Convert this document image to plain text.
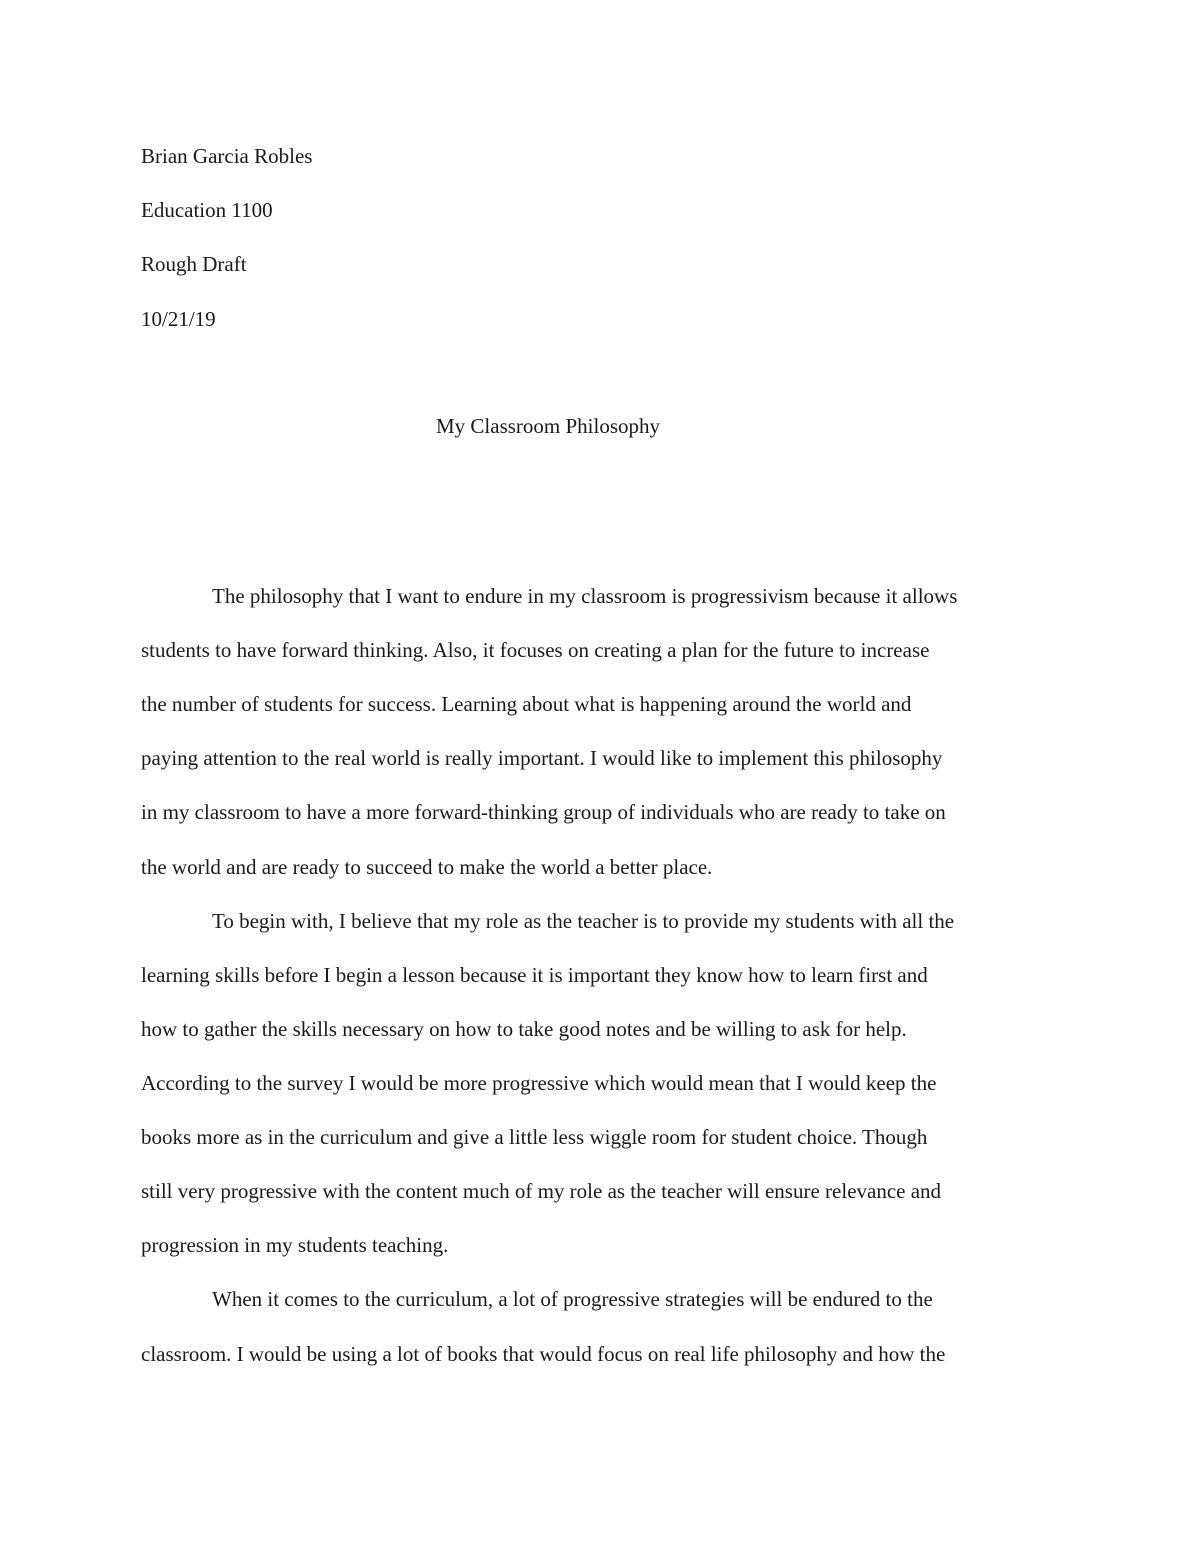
Brian Garcia Robles
Education 1100
Rough Draft
10/21/19
My Classroom Philosophy
The philosophy that I want to endure in my classroom is progressivism because it allows
students to have forward thinking. Also, it focuses on creating a plan for the future to increase
the number of students for success. Learning about what is happening around the world and
paying attention to the real world is really important. I would like to implement this philosophy
in my classroom to have a more forward-thinking group of individuals who are ready to take on
the world and are ready to succeed to make the world a better place.
To begin with, I believe that my role as the teacher is to provide my students with all the
learning skills before I begin a lesson because it is important they know how to learn first and
how to gather the skills necessary on how to take good notes and be willing to ask for help.
According to the survey I would be more progressive which would mean that I would keep the
books more as in the curriculum and give a little less wiggle room for student choice. Though
still very progressive with the content much of my role as the teacher will ensure relevance and
progression in my students teaching.
When it comes to the curriculum, a lot of progressive strategies will be endured to the
classroom. I would be using a lot of books that would focus on real life philosophy and how the
